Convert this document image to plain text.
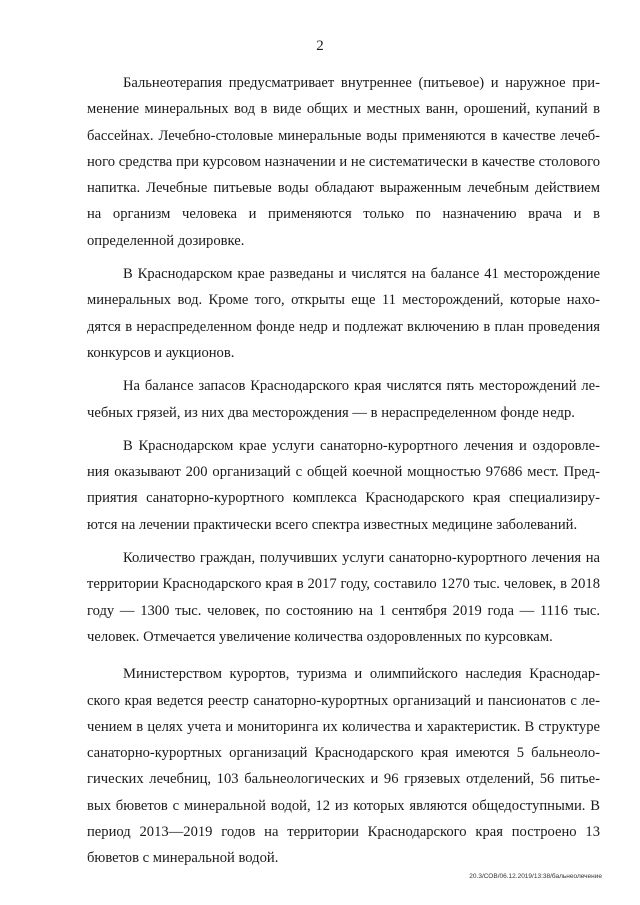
2

Бальнеотерапия предусматривает внутреннее (питьевое) и наружное применение минеральных вод в виде общих и местных ванн, орошений, купаний в бассейнах. Лечебно-столовые минеральные воды применяются в качестве лечебного средства при курсовом назначении и не систематически в качестве столового напитка. Лечебные питьевые воды обладают выраженным лечебным действием на организм человека и применяются только по назначению врача и в определенной дозировке.

В Краснодарском крае разведаны и числятся на балансе 41 месторождение минеральных вод. Кроме того, открыты еще 11 месторождений, которые находятся в нераспределенном фонде недр и подлежат включению в план проведения конкурсов и аукционов.

На балансе запасов Краснодарского края числятся пять месторождений лечебных грязей, из них два месторождения — в нераспределенном фонде недр.

В Краснодарском крае услуги санаторно-курортного лечения и оздоровления оказывают 200 организаций с общей коечной мощностью 97686 мест. Предприятия санаторно-курортного комплекса Краснодарского края специализируются на лечении практически всего спектра известных медицине заболеваний.

Количество граждан, получивших услуги санаторно-курортного лечения на территории Краснодарского края в 2017 году, составило 1270 тыс. человек, в 2018 году — 1300 тыс. человек, по состоянию на 1 сентября 2019 года — 1116 тыс. человек. Отмечается увеличение количества оздоровленных по курсовкам.

Министерством курортов, туризма и олимпийского наследия Краснодарского края ведется реестр санаторно-курортных организаций и пансионатов с лечением в целях учета и мониторинга их количества и характеристик. В структуре санаторно-курортных организаций Краснодарского края имеются 5 бальнеологических лечебниц, 103 бальнеологических и 96 грязевых отделений, 56 питьевых бюветов с минеральной водой, 12 из которых являются общедоступными. В период 2013—2019 годов на территории Краснодарского края построено 13 бюветов с минеральной водой.

20.3/СОВ/06.12.2019/13:38/бальнеолечение
